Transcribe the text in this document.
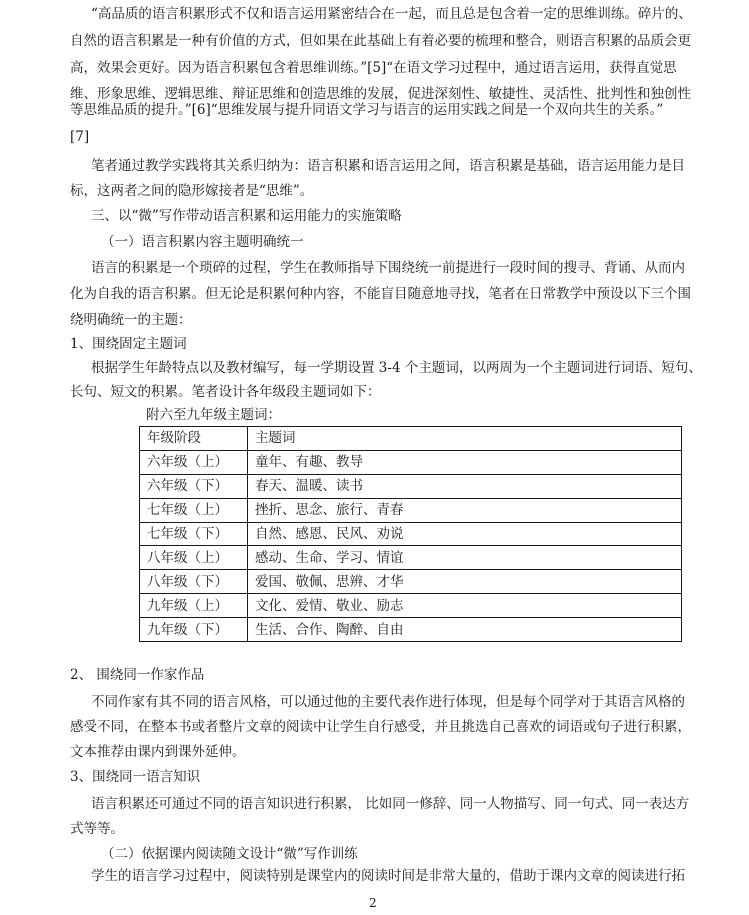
“高品质的语言积累形式不仅和语言运用紧密结合在一起，而且总是包含着一定的思维训练。碎片的、
自然的语言积累是一种有价值的方式，但如果在此基础上有着必要的梳理和整合，则语言积累的品质会更
高，效果会更好。因为语言积累包含着思维训练。”[5]“在语文学习过程中，通过语言运用，获得直觉思
维、形象思维、逻辑思维、辩证思维和创造思维的发展，促进深刻性、敏捷性、灵活性、批判性和独创性
等思维品质的提升。”[6]“思维发展与提升同语文学习与语言的运用实践之间是一个双向共生的关系。”
[7]
笔者通过教学实践将其关系归纳为：语言积累和语言运用之间，语言积累是基础，语言运用能力是目
标，这两者之间的隐形嫁接者是“思维”。
三、以“微”写作带动语言积累和运用能力的实施策略
（一）语言积累内容主题明确统一
语言的积累是一个琐碎的过程，学生在教师指导下围绕统一前提进行一段时间的搜寻、背诵、从而内
化为自我的语言积累。但无论是积累何种内容，不能盲目随意地寻找，笔者在日常教学中预设以下三个围
绕明确统一的主题：
1、围绕固定主题词
根据学生年龄特点以及教材编写，每一学期设置 3-4 个主题词，以两周为一个主题词进行词语、短句、
长句、短文的积累。笔者设计各年级段主题词如下：
附六至九年级主题词：
年级阶段	主题词
六年级（上）	童年、有趣、教导
六年级（下）	春天、温暖、读书
七年级（上）	挫折、思念、旅行、青春
七年级（下）	自然、感恩、民风、劝说
八年级（上）	感动、生命、学习、情谊
八年级（下）	爱国、敬佩、思辨、才华
九年级（上）	文化、爱情、敬业、励志
九年级（下）	生活、合作、陶醉、自由
2、 围绕同一作家作品
不同作家有其不同的语言风格，可以通过他的主要代表作进行体现，但是每个同学对于其语言风格的
感受不同，在整本书或者整片文章的阅读中让学生自行感受，并且挑选自己喜欢的词语或句子进行积累，
文本推荐由课内到课外延伸。
3、围绕同一语言知识
语言积累还可通过不同的语言知识进行积累， 比如同一修辞、同一人物描写、同一句式、同一表达方
式等等。
（二）依据课内阅读随文设计“微”写作训练
学生的语言学习过程中，阅读特别是课堂内的阅读时间是非常大量的，借助于课内文章的阅读进行拓
2
